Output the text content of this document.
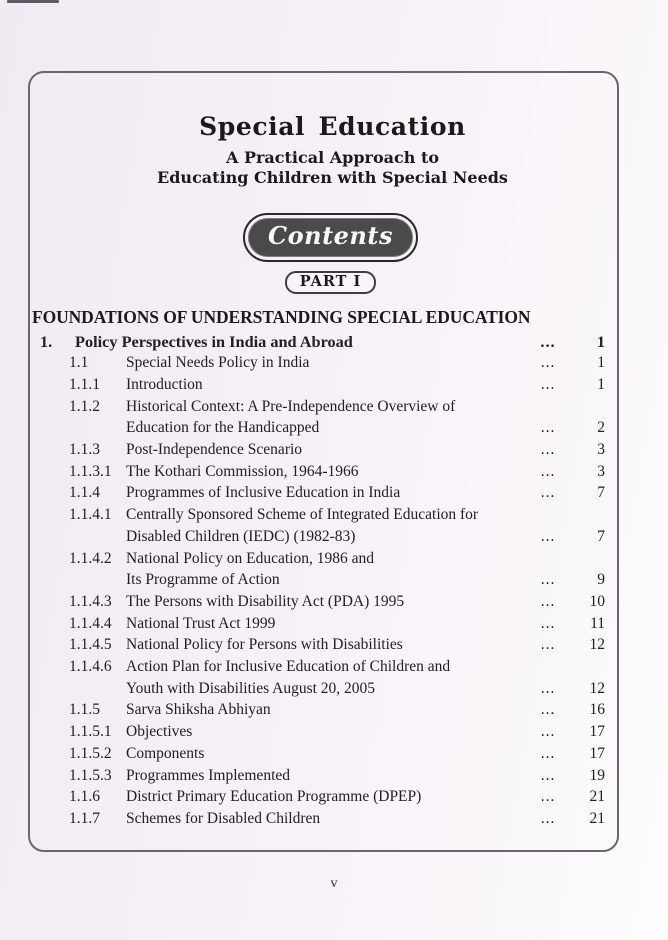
Special Education
A Practical Approach to
Educating Children with Special Needs
Contents

PART I
FOUNDATIONS OF UNDERSTANDING SPECIAL EDUCATION
1.	Policy Perspectives in India and Abroad	...	1
1.1	Special Needs Policy in India	...	1
1.1.1	Introduction	...	1
1.1.2	Historical Context: A Pre-Independence Overview of
Education for the Handicapped	...	2
1.1.3	Post-Independence Scenario	...	3
1.1.3.1 The Kothari Commission, 1964-1966	...	3
1.1.4	Programmes of Inclusive Education in India	...	7
1.1.4.1 Centrally Sponsored Scheme of Integrated Education for
Disabled Children (IEDC) (1982-83)	...	7
1.1.4.2 National Policy on Education, 1986 and
Its Programme of Action	...	9
1.1.4.3 The Persons with Disability Act (PDA) 1995	...	10
1.1.4.4 National Trust Act 1999	...	11
1.1.4.5 National Policy for Persons with Disabilities	...	12
1.1.4.6 Action Plan for Inclusive Education of Children and
Youth with Disabilities August 20, 2005	...	12
1.1.5	Sarva Shiksha Abhiyan	...	16
1.1.5.1 Objectives	...	17
1.1.5.2 Components	...	17
1.1.5.3 Programmes Implemented	...	19
1.1.6	District Primary Education Programme (DPEP)	...	21
1.1.7	Schemes for Disabled Children	...	21
v
